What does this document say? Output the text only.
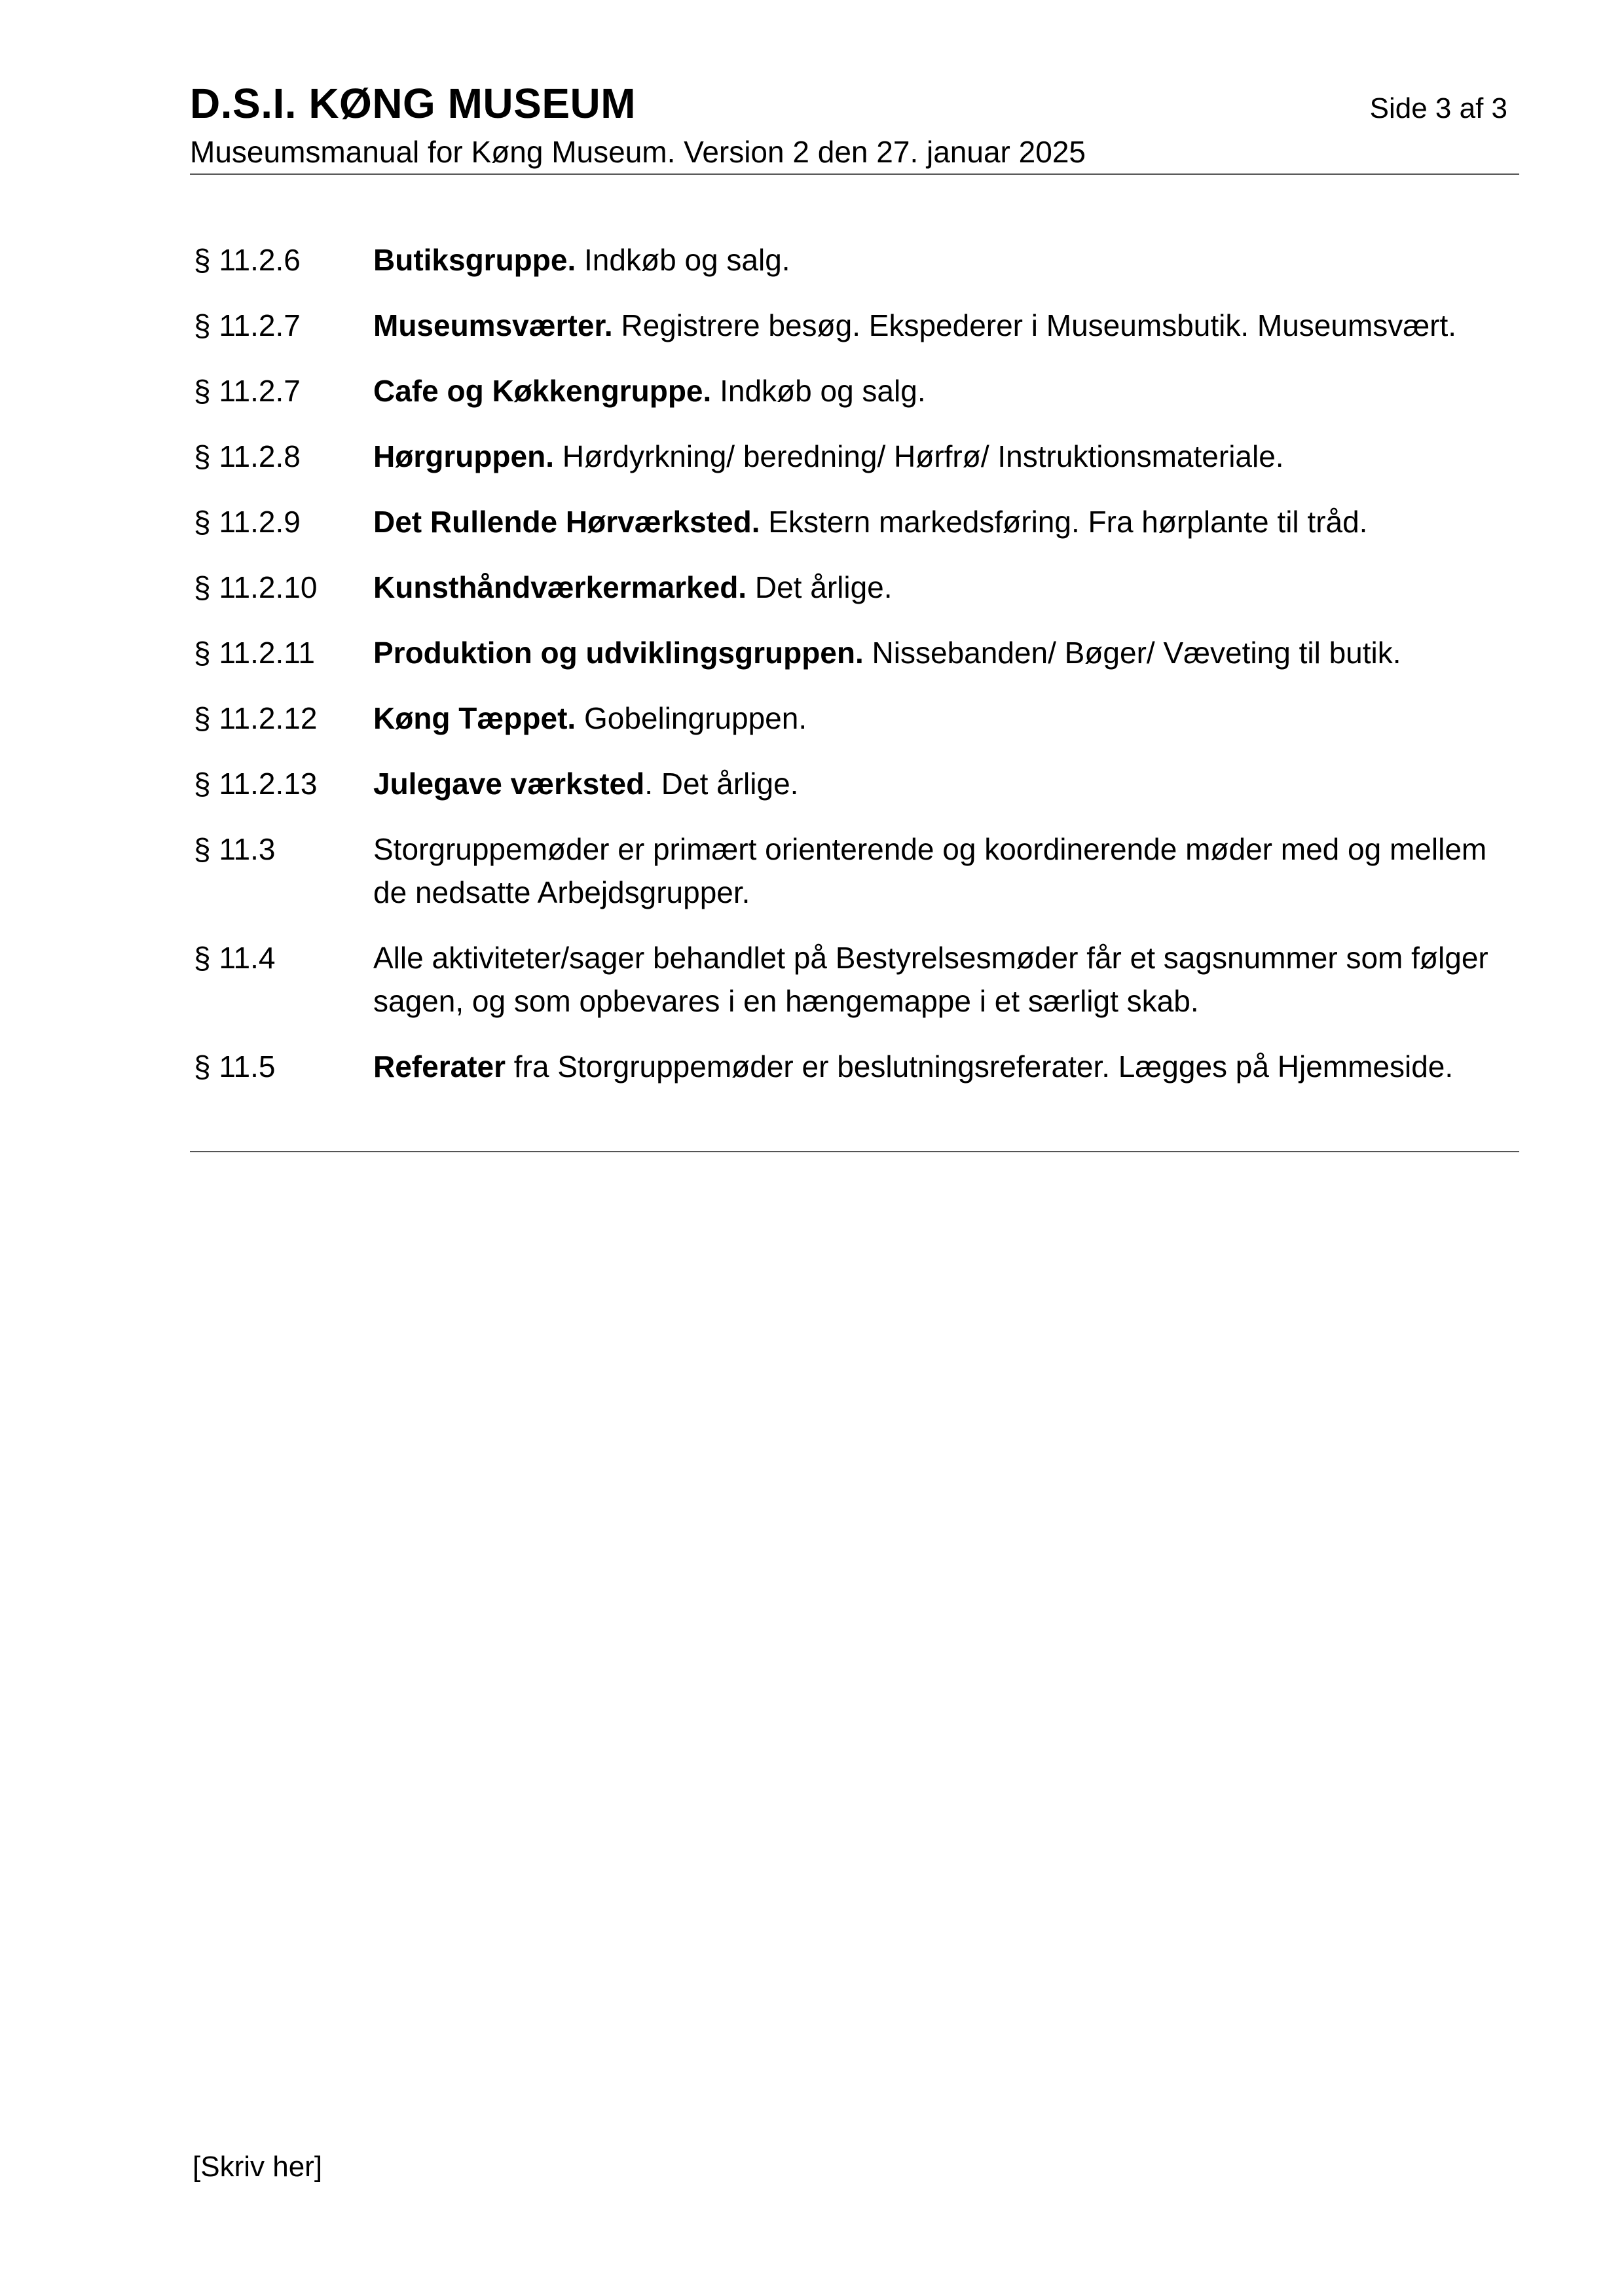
D.S.I. KØNG MUSEUM	Side 3 af 3
Museumsmanual for Køng Museum. Version 2 den 27. januar 2025
§ 11.2.6	Butiksgruppe. Indkøb og salg.
§ 11.2.7	Museumsværter. Registrere besøg. Ekspederer i Museumsbutik. Museumsvært.
§ 11.2.7	Cafe og Køkkengruppe. Indkøb og salg.
§ 11.2.8	Hørgruppen. Hørdyrkning/ beredning/ Hørfrø/ Instruktionsmateriale.
§ 11.2.9	Det Rullende Hørværksted. Ekstern markedsføring. Fra hørplante til tråd.
§ 11.2.10	Kunsthåndværkermarked. Det årlige.
§ 11.2.11	Produktion og udviklingsgruppen. Nissebanden/ Bøger/ Væveting til butik.
§ 11.2.12	Køng Tæppet. Gobelingruppen.
§ 11.2.13	Julegave værksted. Det årlige.
§ 11.3	Storgruppemøder er primært orienterende og koordinerende møder med og mellem de nedsatte Arbejdsgrupper.
§ 11.4	Alle aktiviteter/sager behandlet på Bestyrelsesmøder får et sagsnummer som følger sagen, og som opbevares i en hængemappe i et særligt skab.
§ 11.5	Referater fra Storgruppemøder er beslutningsreferater. Lægges på Hjemmeside.
[Skriv her]
